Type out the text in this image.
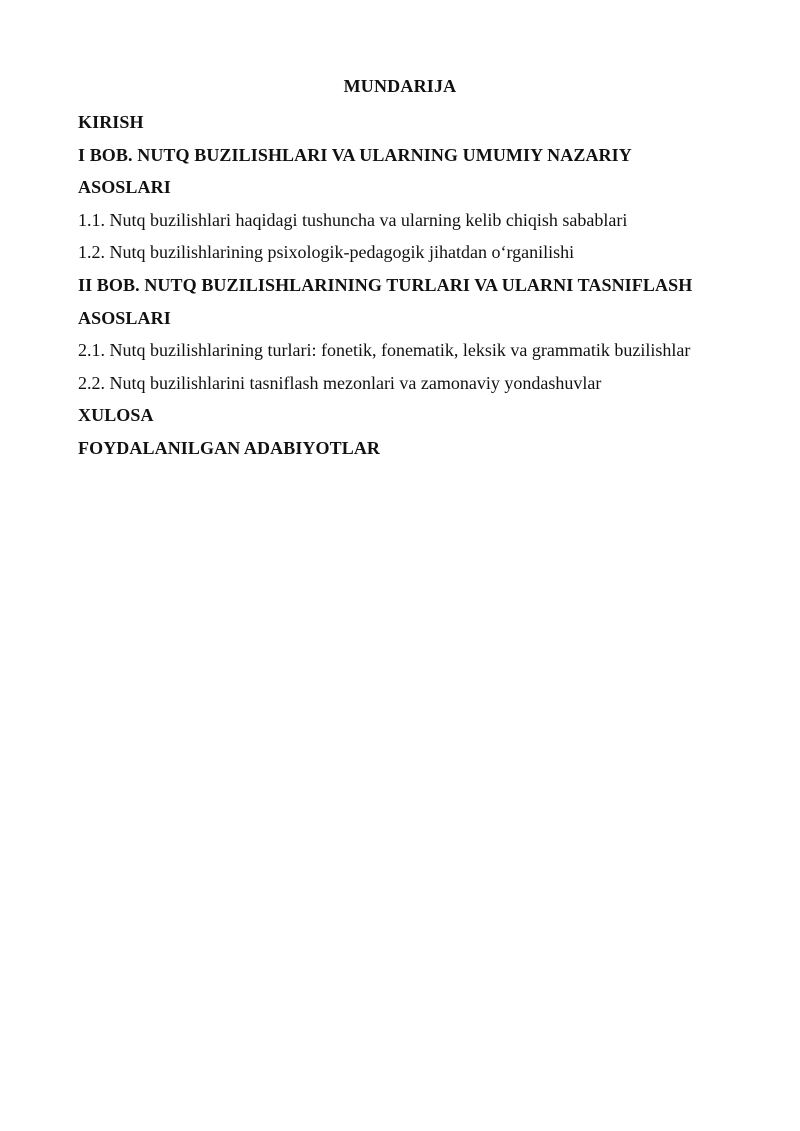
MUNDARIJA
KIRISH
I BOB. NUTQ BUZILISHLARI VA ULARNING UMUMIY NAZARIY
ASOSLARI
1.1. Nutq buzilishlari haqidagi tushuncha va ularning kelib chiqish sabablari
1.2. Nutq buzilishlarining psixologik-pedagogik jihatdan o‘rganilishi
II BOB. NUTQ BUZILISHLARINING TURLARI VA ULARNI TASNIFLASH
ASOSLARI
2.1. Nutq buzilishlarining turlari: fonetik, fonematik, leksik va grammatik buzilishlar
2.2. Nutq buzilishlarini tasniflash mezonlari va zamonaviy yondashuvlar
XULOSA
FOYDALANILGAN ADABIYOTLAR
